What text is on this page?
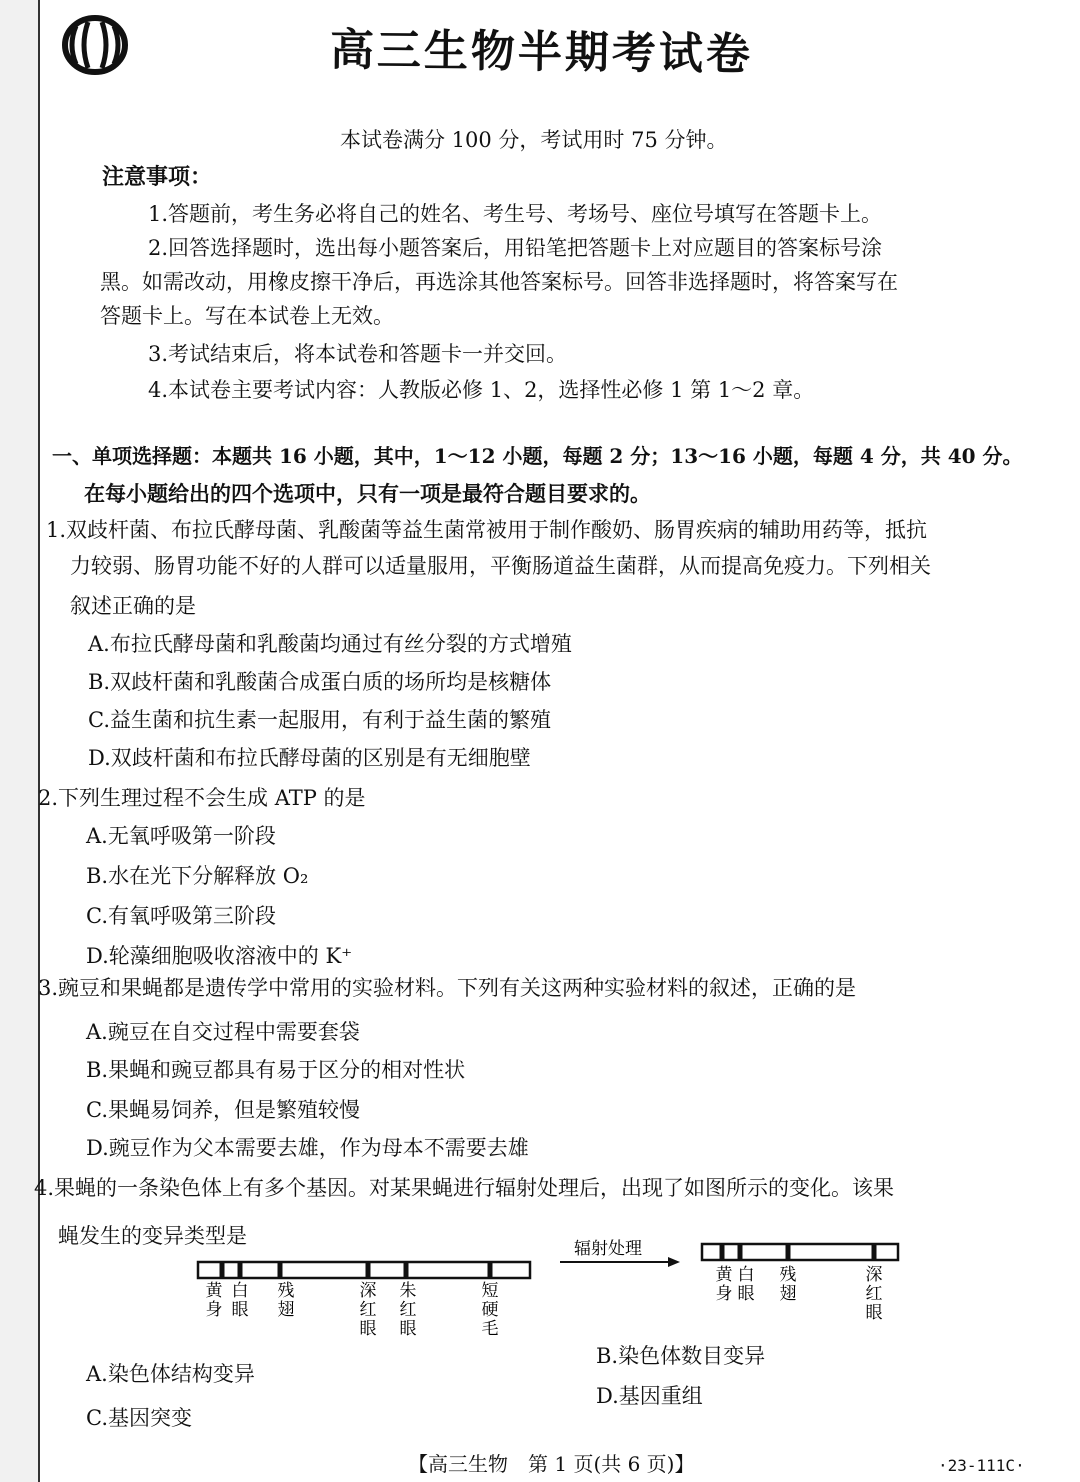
高三生物半期考试卷
本试卷满分 100 分，考试用时 75 分钟。
注意事项：
1.答题前，考生务必将自己的姓名、考生号、考场号、座位号填写在答题卡上。
2.回答选择题时，选出每小题答案后，用铅笔把答题卡上对应题目的答案标号涂
黑。如需改动，用橡皮擦干净后，再选涂其他答案标号。回答非选择题时，将答案写在
答题卡上。写在本试卷上无效。
3.考试结束后，将本试卷和答题卡一并交回。
4.本试卷主要考试内容：人教版必修 1、2，选择性必修 1 第 1～2 章。
一、单项选择题：本题共 16 小题，其中，1～12 小题，每题 2 分；13～16 小题，每题 4 分，共 40 分。
在每小题给出的四个选项中，只有一项是最符合题目要求的。
1.双歧杆菌、布拉氏酵母菌、乳酸菌等益生菌常被用于制作酸奶、肠胃疾病的辅助用药等，抵抗
力较弱、肠胃功能不好的人群可以适量服用，平衡肠道益生菌群，从而提高免疫力。下列相关
叙述正确的是
A.布拉氏酵母菌和乳酸菌均通过有丝分裂的方式增殖
B.双歧杆菌和乳酸菌合成蛋白质的场所均是核糖体
C.益生菌和抗生素一起服用，有利于益生菌的繁殖
D.双歧杆菌和布拉氏酵母菌的区别是有无细胞壁
2.下列生理过程不会生成 ATP 的是
A.无氧呼吸第一阶段
B.水在光下分解释放 O₂
C.有氧呼吸第三阶段
D.轮藻细胞吸收溶液中的 K⁺
3.豌豆和果蝇都是遗传学中常用的实验材料。下列有关这两种实验材料的叙述，正确的是
A.豌豆在自交过程中需要套袋
B.果蝇和豌豆都具有易于区分的相对性状
C.果蝇易饲养，但是繁殖较慢
D.豌豆作为父本需要去雄，作为母本不需要去雄
4.果蝇的一条染色体上有多个基因。对某果蝇进行辐射处理后，出现了如图所示的变化。该果
蝇发生的变异类型是
辐射处理
黄身
白眼
残翅
深红眼
朱红眼
短硬毛
黄身
白眼
残翅
深红眼
A.染色体结构变异
B.染色体数目变异
C.基因突变
D.基因重组
【高三生物　第 1 页(共 6 页)】	·23-111C·
